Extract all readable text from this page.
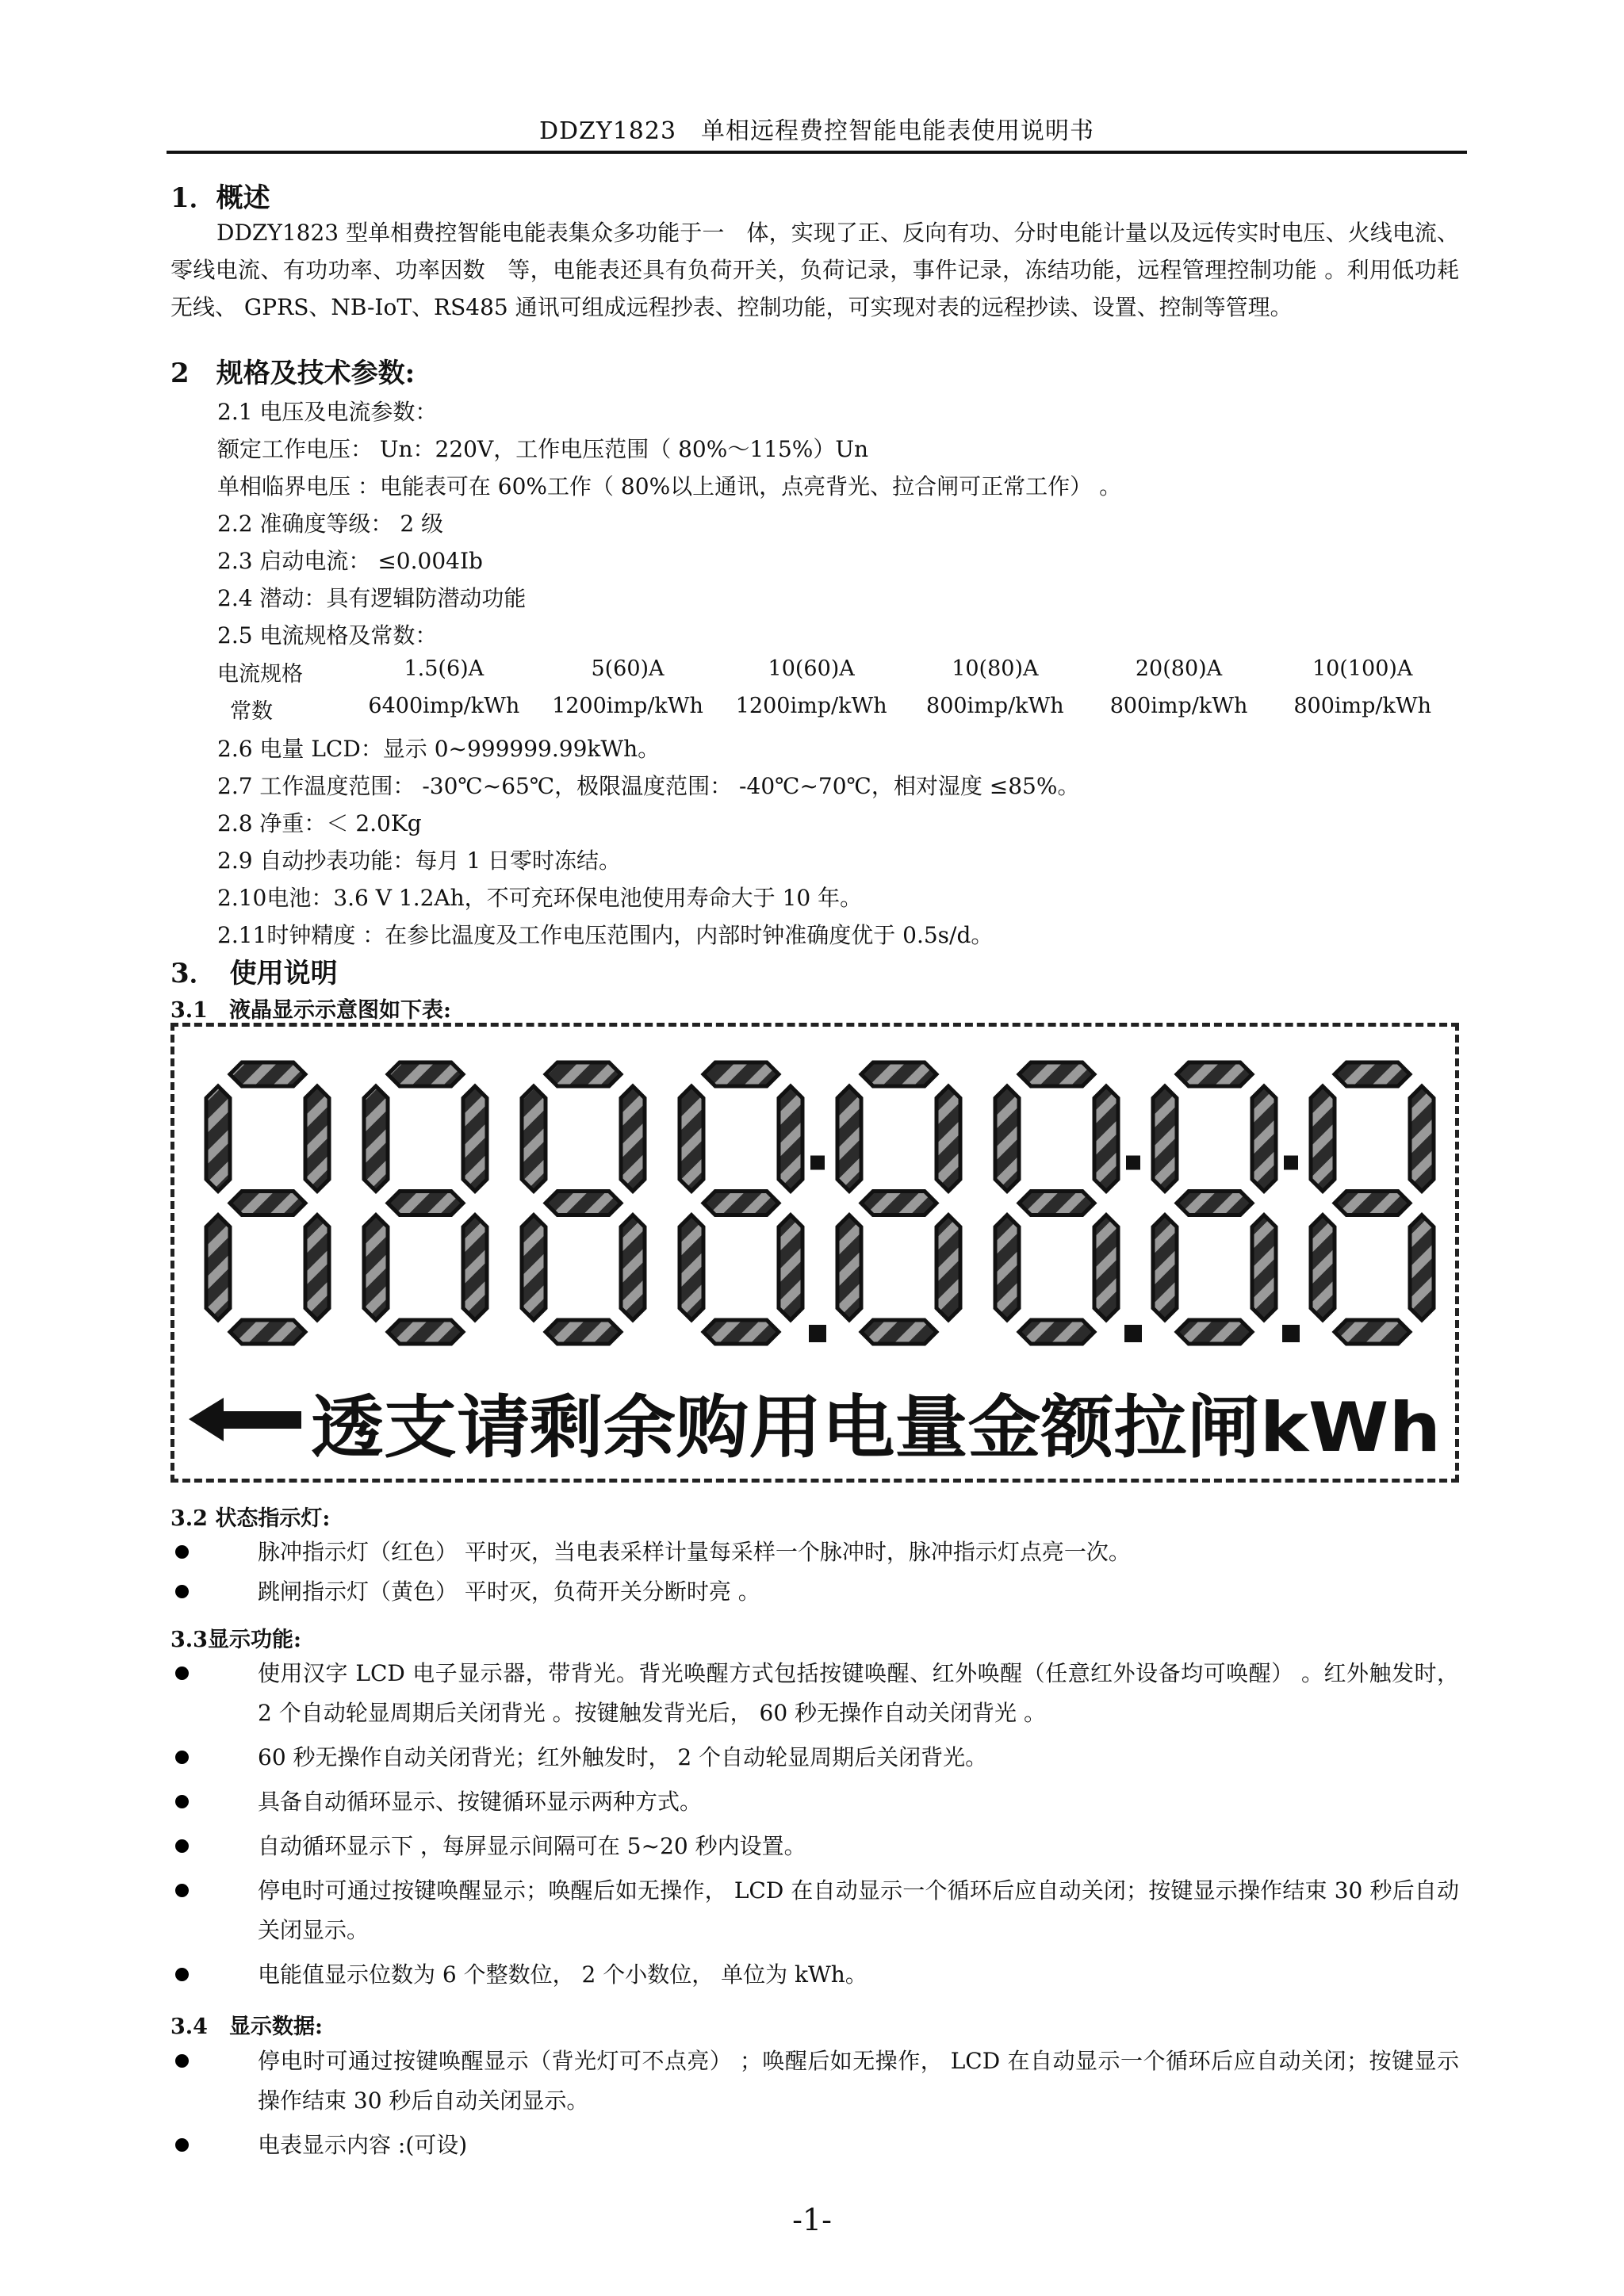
DDZY1823　单相远程费控智能电能表使用说明书
1．概述
DDZY1823 型单相费控智能电能表集众多功能于一　体，实现了正、反向有功、分时电能计量以及远传实时电压、火线电流、零线电流、有功功率、功率因数　等，电能表还具有负荷开关，负荷记录，事件记录，冻结功能，远程管理控制功能 。利用低功耗无线、 GPRS、NB-IoT、RS485 通讯可组成远程抄表、控制功能，可实现对表的远程抄读、设置、控制等管理。
2　规格及技术参数:
2.1 电压及电流参数：
额定工作电压： Un：220V，工作电压范围（ 80%～115%）Un
单相临界电压 ：电能表可在 60%工作（ 80%以上通讯，点亮背光、拉合闸可正常工作） 。
2.2 准确度等级： 2 级
2.3 启动电流： ≤0.004Ib
2.4 潜动：具有逻辑防潜动功能
2.5 电流规格及常数：
电流规格	1.5(6)A	5(60)A	10(60)A	10(80)A	20(80)A	10(100)A
常数	6400imp/kWh	1200imp/kWh	1200imp/kWh	800imp/kWh	800imp/kWh	800imp/kWh
2.6 电量 LCD：显示 0~999999.99kWh。
2.7 工作温度范围： -30℃~65℃，极限温度范围： -40℃~70℃，相对湿度 ≤85%。
2.8 净重：＜ 2.0Kg
2.9 自动抄表功能：每月 1 日零时冻结。
2.10电池：3.6 V 1.2Ah，不可充环保电池使用寿命大于 10 年。
2.11时钟精度 ：在参比温度及工作电压范围内，内部时钟准确度优于 0.5s/d。
3．　使用说明
3.1　液晶显示示意图如下表:
透支请剩余购用电量金额拉闸kWh
3.2 状态指示灯:
脉冲指示灯（红色） 平时灭，当电表采样计量每采样一个脉冲时，脉冲指示灯点亮一次。
跳闸指示灯（黄色） 平时灭，负荷开关分断时亮 。
3.3显示功能:
使用汉字 LCD 电子显示器，带背光。背光唤醒方式包括按键唤醒、红外唤醒（任意红外设备均可唤醒） 。红外触发时， 2 个自动轮显周期后关闭背光 。按键触发背光后， 60 秒无操作自动关闭背光 。
60 秒无操作自动关闭背光；红外触发时， 2 个自动轮显周期后关闭背光。
具备自动循环显示、按键循环显示两种方式。
自动循环显示下 ，每屏显示间隔可在 5~20 秒内设置。
停电时可通过按键唤醒显示；唤醒后如无操作， LCD 在自动显示一个循环后应自动关闭；按键显示操作结束 30 秒后自动关闭显示。
电能值显示位数为 6 个整数位， 2 个小数位， 单位为 kWh。
3.4　显示数据:
停电时可通过按键唤醒显示（背光灯可不点亮） ；唤醒后如无操作， LCD 在自动显示一个循环后应自动关闭；按键显示操作结束 30 秒后自动关闭显示。
电表显示内容 :(可设)
-1-
